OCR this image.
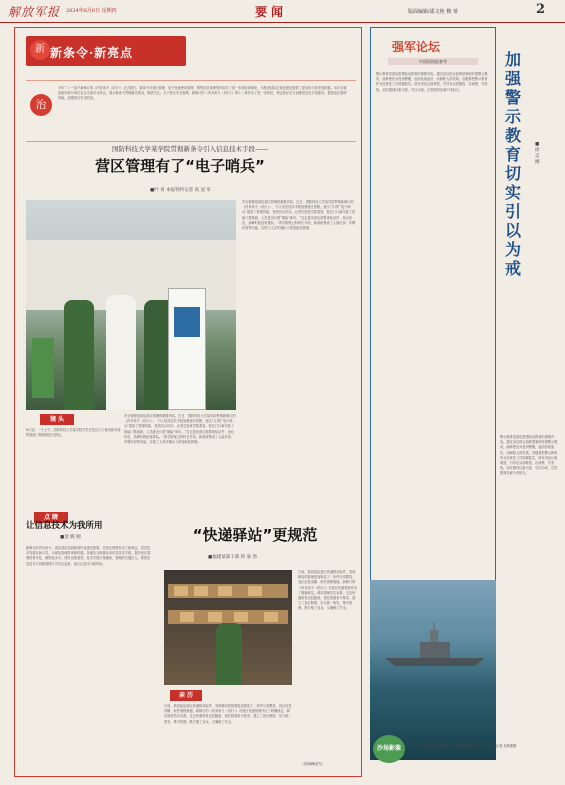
解放军报 2024年6月6日 星期四	要闻	版面编辑/邵文艳 穆 蒂	2
新 新条令·新亮点
治
今年“八一”前夕新修订的《内务条令（试行）》正式施行，新条令对营区管理、电子设备使用管理、网络信息管理等内容作了进一步规范和细化，为推进部队正规化建设提供了更加有力的法规依据。本栏目就此组织部分单位官兵交流学习体会，展示新条令贯彻落实情况，敬请关注。关于营区安全管理，新修订的《内务条令（试行）》第十二章作出了进一步规范，规定营区应当加强信息化手段建设，提高营区管理效能，加强营区安全防范。
国防科技大学某学院贯彻新条令引入信息技术手段——
营区管理有了“电子哨兵”
■叶 青 本报特约记者 高 冠 军
镜 头
6月初，一个上午，国防科技大学某学院学员在营区门口使用新安装的智能门禁系统进出营区。
安全管理是部队营区管理的重要内容。近日，国防科技大学某学院贯彻新修订的《内务条令（试行）》，引入信息技术手段加强营区管理，营区门口的“电子哨兵”提高了管理效能，受到官兵好评。记者走进该学院看到，营区门口新安装了智能门禁系统，人员进出只需“刷脸”即可。“过去进出营区需要查验证件、登记信息，高峰时段经常排队。”该学院保卫科科长介绍，新系统集成了人脸识别、车牌识别等功能，实现了人员车辆出入的智能化管理。
安全管理是部队营区管理的重要内容。近日，国防科技大学某学院贯彻新修订的《内务条令（试行）》，引入信息技术手段加强营区管理，营区门口的“电子哨兵”提高了管理效能，受到官兵好评。记者走进该学院看到，营区门口新安装了智能门禁系统，人员进出只需“刷脸”即可。“过去进出营区需要查验证件、登记信息，高峰时段经常排队。”该学院保卫科科长介绍，新系统集成了人脸识别、车牌识别等功能，实现了人员车辆出入的智能化管理。
点 睛
让信息技术为我所用
■金 晓 刚
新修订的内务条令，适应部队发展和现代化建设需要，对营区管理作出了新规定。信息技术发展日新月异，为部队管理带来新机遇。各级应当积极运用信息技术手段，提升营区管理的科学化、精细化水平。同时也要看到，技术手段只是辅助，管理的关键在人，要把信息技术与传统管理方式结合起来，真正让技术为我所用。
“快递驿站”更规范
■福建某部干部 蒋 豪 洛
亲 历
日前，我到连队营区快递驿站取件，发现驿站的管理更加规范了：快件分类摆放、登记信息清晰、取件流程简便。新修订的《内务条令（试行）》对营区快递管理作出了明确规定。驿站管理员告诉我，过去快递收发比较随意，现在按照条令要求，建立了登记制度，实行统一收发、集中管理，既方便了官兵，又确保了安全。
日前，我到连队营区快递驿站取件，发现驿站的管理更加规范了：快件分类摆放、登记信息清晰、取件流程简便。新修订的《内务条令（试行）》对营区快递管理作出了明确规定。驿站管理员告诉我，过去快递收发比较随意，现在按照条令要求，建立了登记制度，实行统一收发、集中管理，既方便了官兵，又确保了安全。
（吴明峰改写）
强军论坛
中国国防报参考
警示教育是部队思想政治教育的重要内容。通过身边的反面典型案例开展警示教育，能够使官兵受到警醒，起到惩前毖后、治病救人的效果。各级要把警示教育作为经常性工作抓紧抓实，用好用活反面典型，引导官兵知敬畏、存戒惧、守底线，切实做到以案为鉴、引以为戒，自觉做到忠诚干净担当。
加强警示教育 切实引以为戒
■徐 志 刚
警示教育是部队思想政治教育的重要内容。通过身边的反面典型案例开展警示教育，能够使官兵受到警醒，起到惩前毖后、治病救人的效果。各级要把警示教育作为经常性工作抓紧抓实，用好用活反面典型，引导官兵知敬畏、存戒惧、守底线，切实做到以案为鉴、引以为戒，自觉做到忠诚干净担当。
沙场影像	近日，海军某支队开展训练。图为舰艇编队航行中。本报特约记者 吴海燕摄
